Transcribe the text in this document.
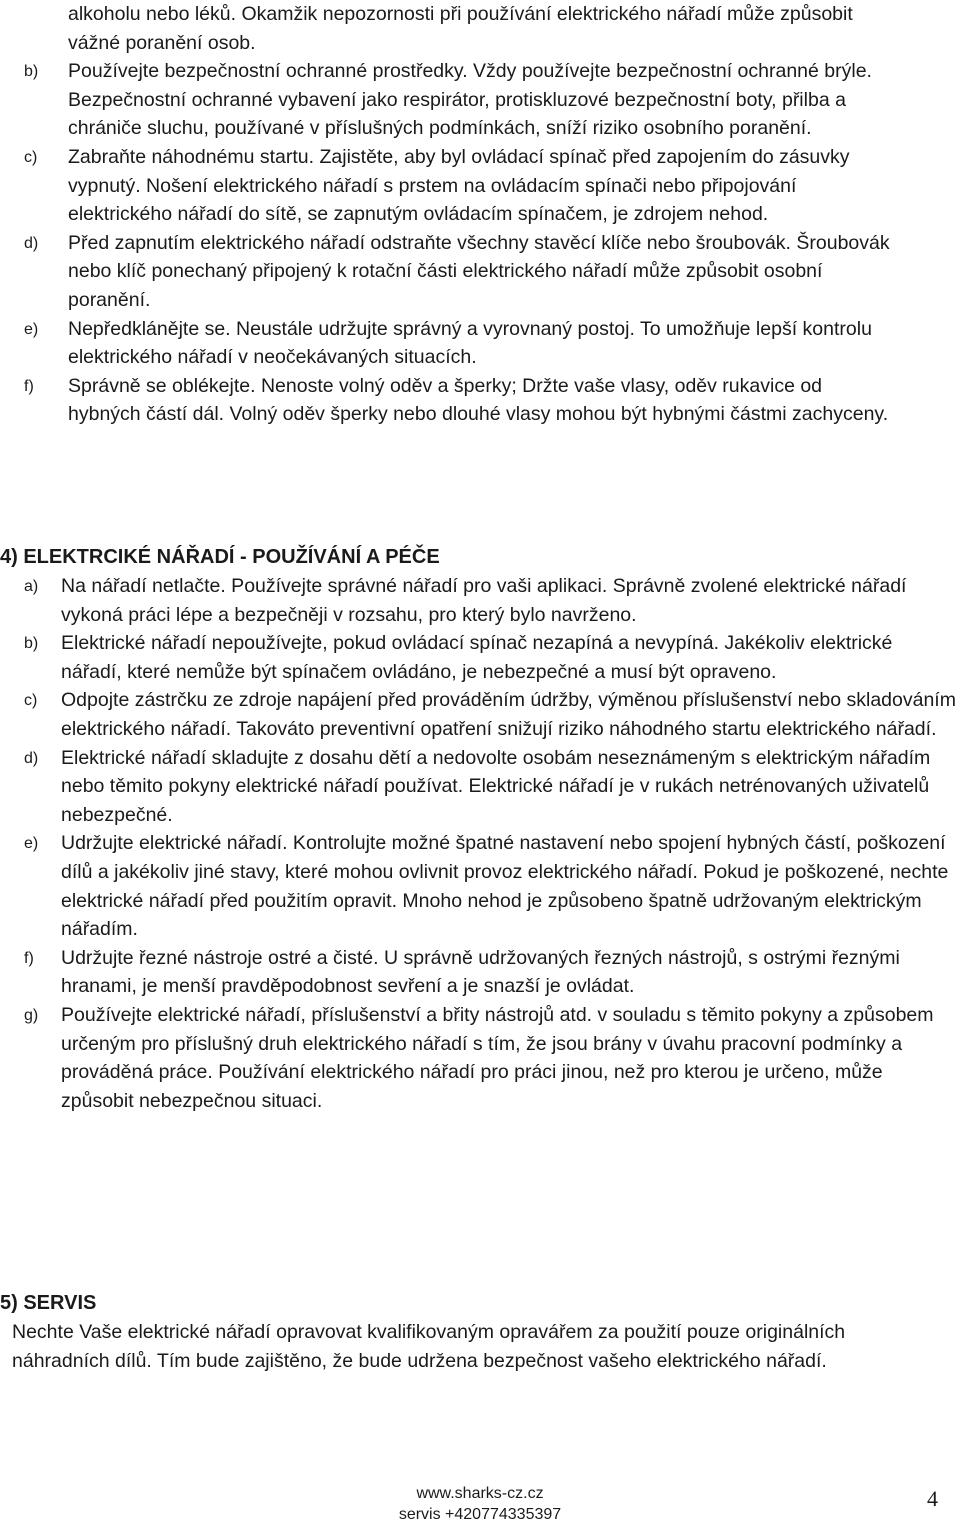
alkoholu nebo léků. Okamžik nepozornosti při používání elektrického nářadí může způsobit vážné poranění osob.
b) Používejte bezpečnostní ochranné prostředky. Vždy používejte bezpečnostní ochranné brýle. Bezpečnostní ochranné vybavení jako respirátor, protiskluzové bezpečnostní boty, přilba a chrániče sluchu, používané v příslušných podmínkách, sníží riziko osobního poranění.
c) Zabraňte náhodnému startu. Zajistěte, aby byl ovládací spínač před zapojením do zásuvky vypnutý. Nošení elektrického nářadí s prstem na ovládacím spínači nebo připojování elektrického nářadí do sítě, se zapnutým ovládacím spínačem, je zdrojem nehod.
d) Před zapnutím elektrického nářadí odstraňte všechny stavěcí klíče nebo šroubovák. Šroubovák nebo klíč ponechaný připojený k rotační části elektrického nářadí může způsobit osobní poranění.
e) Nepředklánějte se. Neustále udržujte správný a vyrovnaný postoj. To umožňuje lepší kontrolu elektrického nářadí v neočekávaných situacích.
f) Správně se oblékejte. Nenoste volný oděv a šperky; Držte vaše vlasy, oděv rukavice od hybných částí dál. Volný oděv šperky nebo dlouhé vlasy mohou být hybnými částmi zachyceny.
4) ELEKTRCIKÉ NÁŘADÍ - POUŽÍVÁNÍ A PÉČE
a) Na nářadí netlačte. Používejte správné nářadí pro vaši aplikaci. Správně zvolené elektrické nářadí vykoná práci lépe a bezpečněji v rozsahu, pro který bylo navrženo.
b) Elektrické nářadí nepoužívejte, pokud ovládací spínač nezapíná a nevypíná. Jakékoliv elektrické nářadí, které nemůže být spínačem ovládáno, je nebezpečné a musí být opraveno.
c) Odpojte zástrčku ze zdroje napájení před prováděním údržby, výměnou příslušenství nebo skladováním elektrického nářadí. Takováto preventivní opatření snižují riziko náhodného startu elektrického nářadí.
d) Elektrické nářadí skladujte z dosahu dětí a nedovolte osobám neseznámeným s elektrickým nářadím nebo těmito pokyny elektrické nářadí používat. Elektrické nářadí je v rukách netrénovaných uživatelů nebezpečné.
e) Udržujte elektrické nářadí. Kontrolujte možné špatné nastavení nebo spojení hybných částí, poškození dílů a jakékoliv jiné stavy, které mohou ovlivnit provoz elektrického nářadí. Pokud je poškozené, nechte elektrické nářadí před použitím opravit. Mnoho nehod je způsobeno špatně udržovaným elektrickým nářadím.
f) Udržujte řezné nástroje ostré a čisté. U správně udržovaných řezných nástrojů, s ostrými řeznými hranami, je menší pravděpodobnost sevření a je snazší je ovládat.
g) Používejte elektrické nářadí, příslušenství a břity nástrojů atd. v souladu s těmito pokyny a způsobem určeným pro příslušný druh elektrického nářadí s tím, že jsou brány v úvahu pracovní podmínky a prováděná práce. Používání elektrického nářadí pro práci jinou, než pro kterou je určeno, může způsobit nebezpečnou situaci.
5) SERVIS
Nechte Vaše elektrické nářadí opravovat kvalifikovaným opravářem za použití pouze originálních náhradních dílů. Tím bude zajištěno, že bude udržena bezpečnost vašeho elektrického nářadí.
www.sharks-cz.cz
servis +420774335397
4
